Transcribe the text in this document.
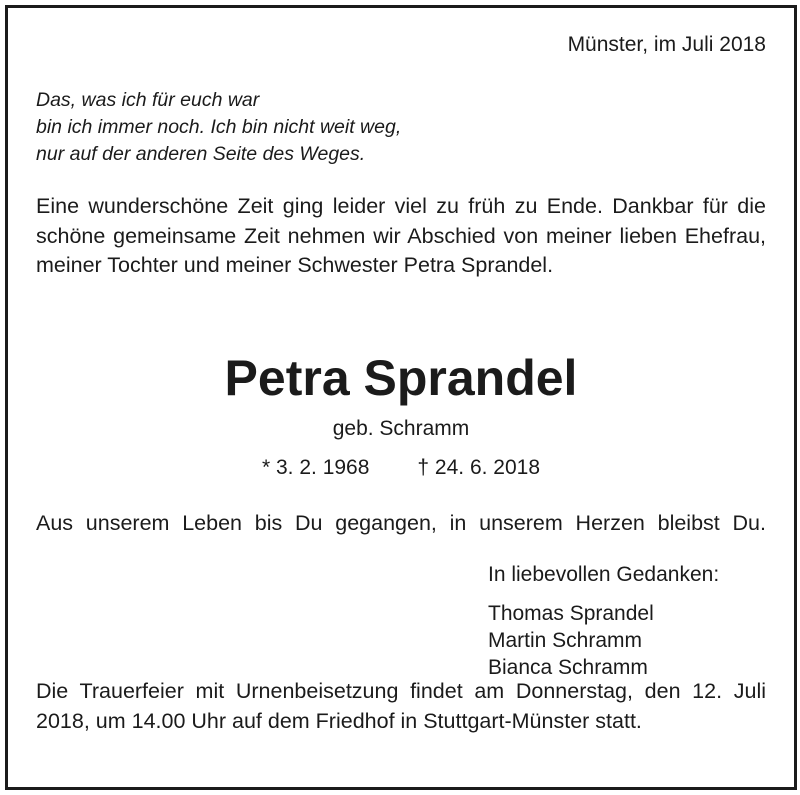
Münster, im Juli 2018
Das, was ich für euch war
bin ich immer noch. Ich bin nicht weit weg,
nur auf der anderen Seite des Weges.
Eine wunderschöne Zeit ging leider viel zu früh zu Ende. Dankbar für die schöne gemeinsame Zeit nehmen wir Abschied von meiner lieben Ehefrau, meiner Tochter und meiner Schwester Petra Sprandel.
Petra Sprandel
geb. Schramm
* 3. 2. 1968 † 24. 6. 2018
Aus unserem Leben bis Du gegangen, in unserem Herzen bleibst Du.
In liebevollen Gedanken:
Thomas Sprandel
Martin Schramm
Bianca Schramm
Die Trauerfeier mit Urnenbeisetzung findet am Donnerstag, den 12. Juli 2018, um 14.00 Uhr auf dem Friedhof in Stuttgart-Münster statt.
